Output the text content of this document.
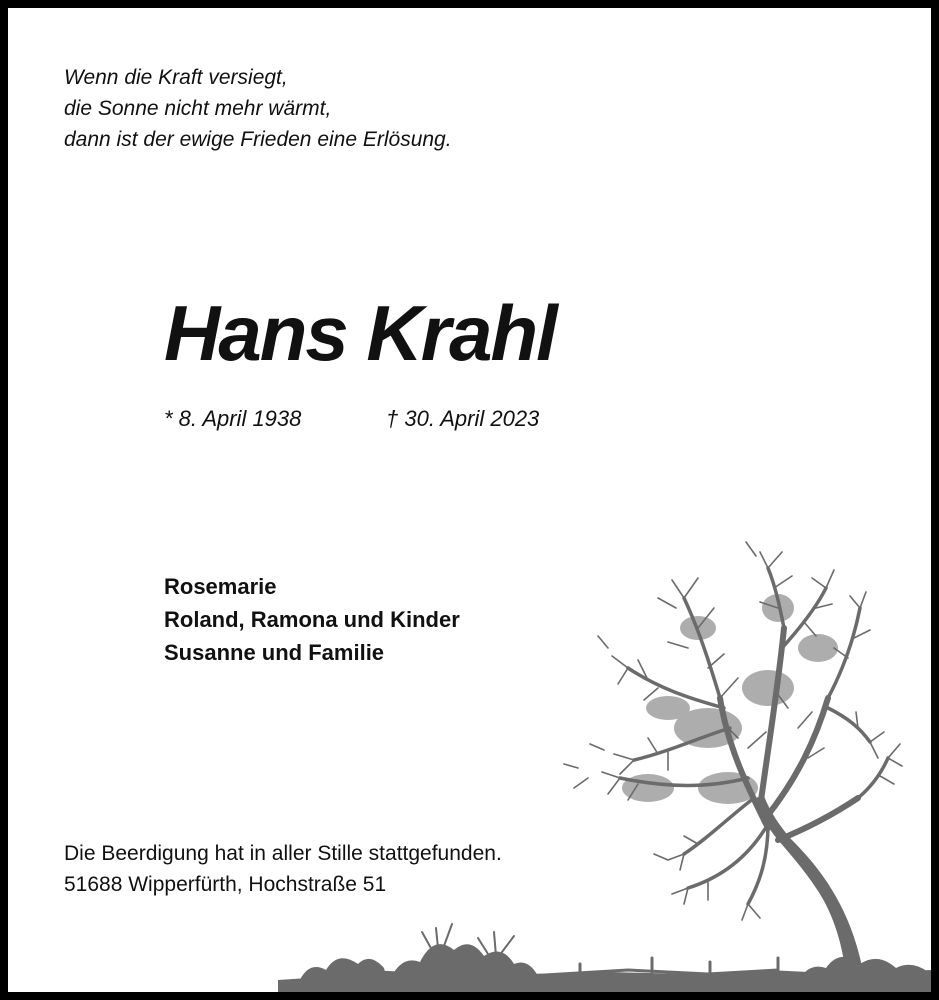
Wenn die Kraft versiegt,
die Sonne nicht mehr wärmt,
dann ist der ewige Frieden eine Erlösung.
Hans Krahl
* 8. April 1938	† 30. April 2023
Rosemarie
Roland, Ramona und Kinder
Susanne und Familie
Die Beerdigung hat in aller Stille stattgefunden.
51688 Wipperfürth, Hochstraße 51
